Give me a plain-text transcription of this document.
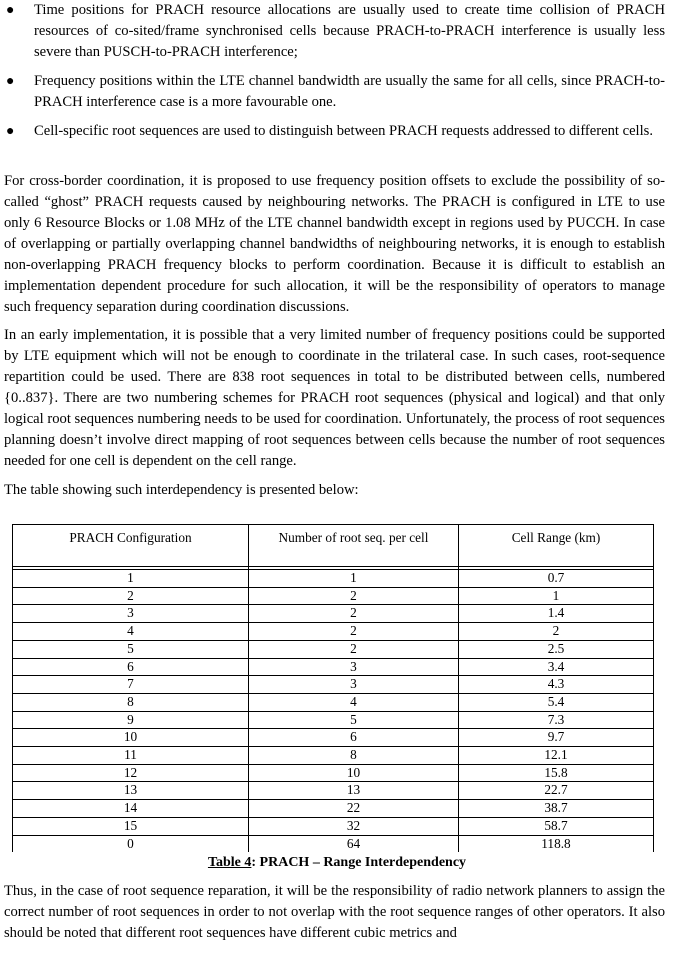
● Time positions for PRACH resource allocations are usually used to create time collision of PRACH resources of co-sited/frame synchronised cells because PRACH-to-PRACH interference is usually less severe than PUSCH-to-PRACH interference;
● Frequency positions within the LTE channel bandwidth are usually the same for all cells, since PRACH-to-PRACH interference case is a more favourable one.
● Cell-specific root sequences are used to distinguish between PRACH requests addressed to different cells.
For cross-border coordination, it is proposed to use frequency position offsets to exclude the possibility of so-called “ghost” PRACH requests caused by neighbouring networks. The PRACH is configured in LTE to use only 6 Resource Blocks or 1.08 MHz of the LTE channel bandwidth except in regions used by PUCCH. In case of overlapping or partially overlapping channel bandwidths of neighbouring networks, it is enough to establish non-overlapping PRACH frequency blocks to perform coordination. Because it is difficult to establish an implementation dependent procedure for such allocation, it will be the responsibility of operators to manage such frequency separation during coordination discussions.
In an early implementation, it is possible that a very limited number of frequency positions could be supported by LTE equipment which will not be enough to coordinate in the trilateral case. In such cases, root-sequence repartition could be used. There are 838 root sequences in total to be distributed between cells, numbered {0..837}. There are two numbering schemes for PRACH root sequences (physical and logical) and that only logical root sequences numbering needs to be used for coordination. Unfortunately, the process of root sequences planning doesn’t involve direct mapping of root sequences between cells because the number of root sequences needed for one cell is dependent on the cell range.
The table showing such interdependency is presented below:
PRACH Configuration	Number of root seq. per cell	Cell Range (km)

1	1	0.7
2	2	1
3	2	1.4
4	2	2
5	2	2.5
6	3	3.4
7	3	4.3
8	4	5.4
9	5	7.3
10	6	9.7
11	8	12.1
12	10	15.8
13	13	22.7
14	22	38.7
15	32	58.7
0	64	118.8
Table 4: PRACH – Range Interdependency
Thus, in the case of root sequence reparation, it will be the responsibility of radio network planners to assign the correct number of root sequences in order to not overlap with the root sequence ranges of other operators. It also should be noted that different root sequences have different cubic metrics and
